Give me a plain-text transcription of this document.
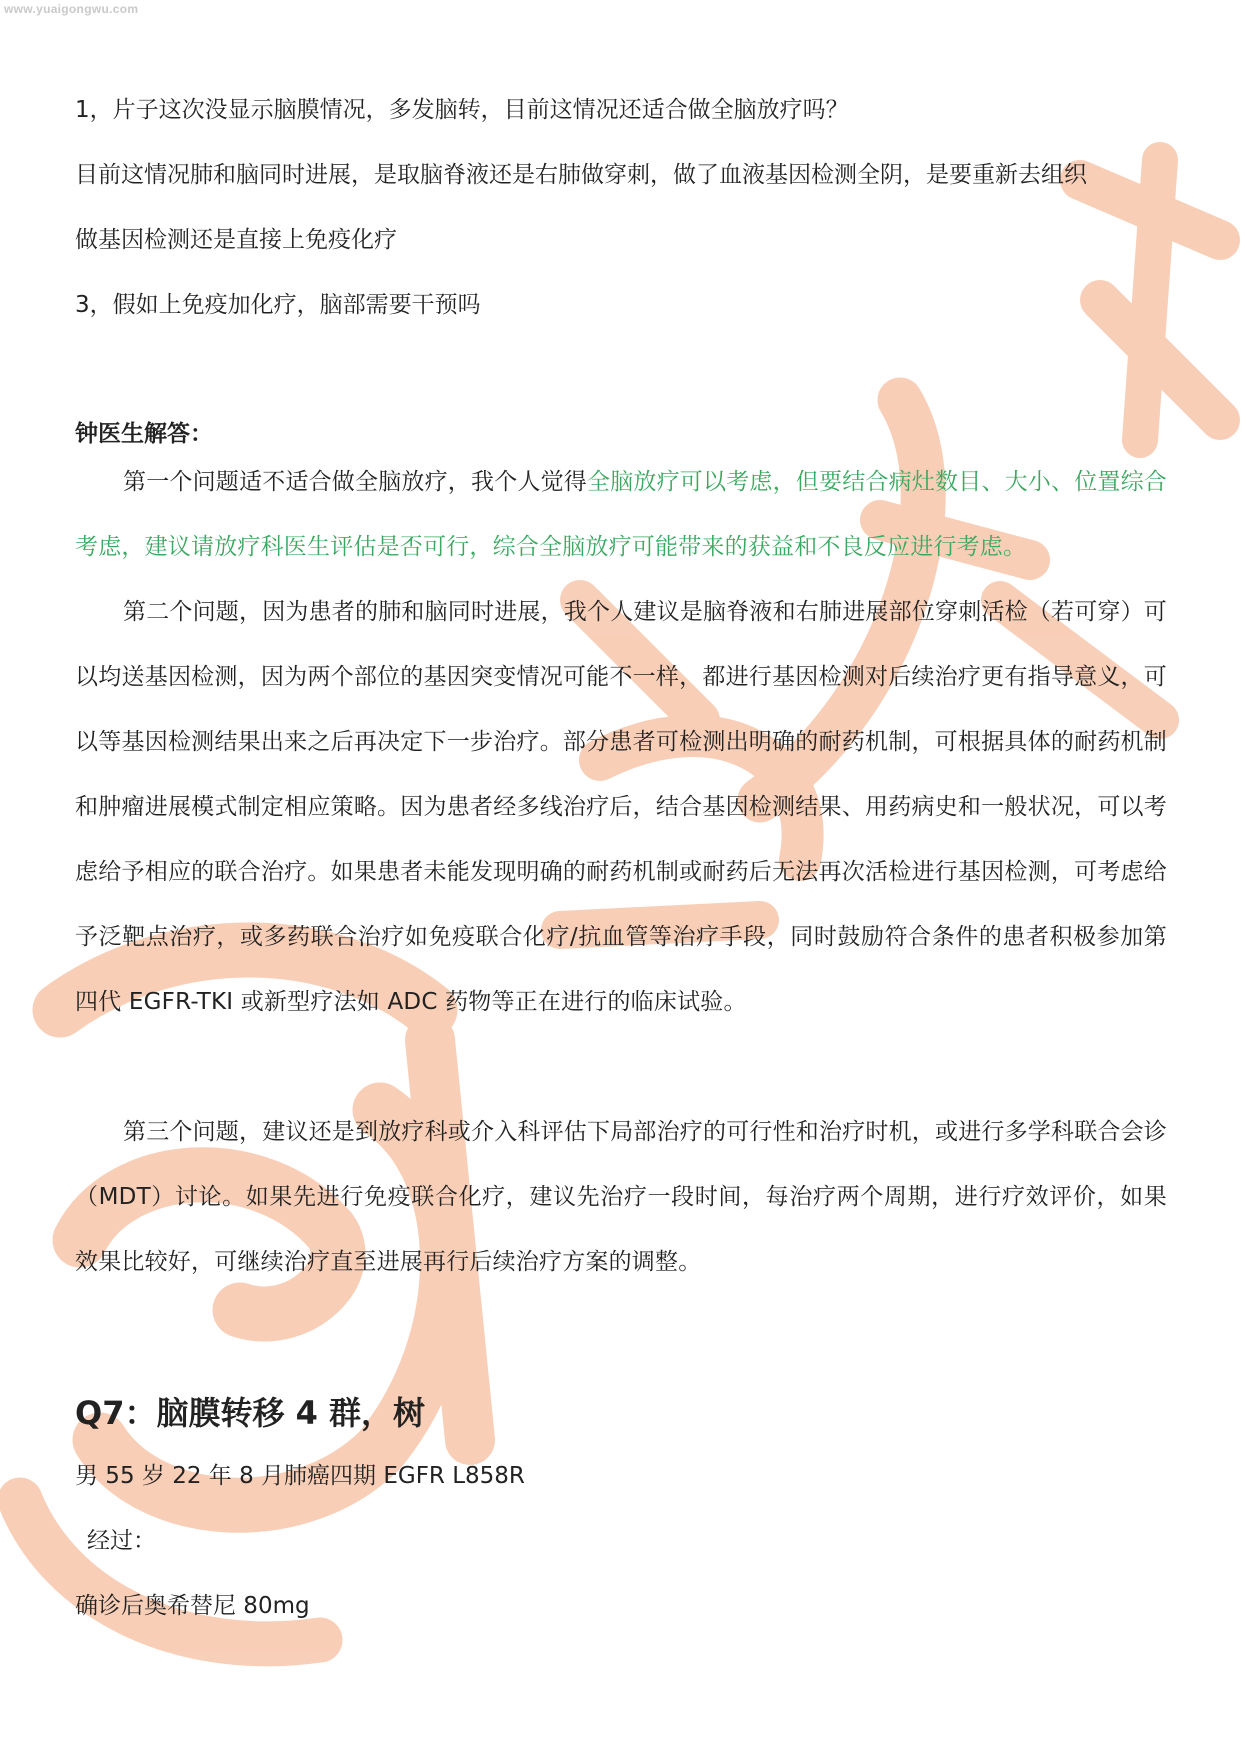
www.yuaigongwu.com
1，片子这次没显示脑膜情况，多发脑转，目前这情况还适合做全脑放疗吗？
目前这情况肺和脑同时进展，是取脑脊液还是右肺做穿刺，做了血液基因检测全阴，是要重新去组织
做基因检测还是直接上免疫化疗
3，假如上免疫加化疗，脑部需要干预吗
钟医生解答：

第一个问题适不适合做全脑放疗，我个人觉得全脑放疗可以考虑，但要结合病灶数目、大小、位置综合考虑，建议请放疗科医生评估是否可行，综合全脑放疗可能带来的获益和不良反应进行考虑。

第二个问题，因为患者的肺和脑同时进展，我个人建议是脑脊液和右肺进展部位穿刺活检（若可穿）可以均送基因检测，因为两个部位的基因突变情况可能不一样，都进行基因检测对后续治疗更有指导意义，可以等基因检测结果出来之后再决定下一步治疗。部分患者可检测出明确的耐药机制，可根据具体的耐药机制和肿瘤进展模式制定相应策略。因为患者经多线治疗后，结合基因检测结果、用药病史和一般状况，可以考虑给予相应的联合治疗。如果患者未能发现明确的耐药机制或耐药后无法再次活检进行基因检测，可考虑给予泛靶点治疗，或多药联合治疗如免疫联合化疗/抗血管等治疗手段，同时鼓励符合条件的患者积极参加第四代 EGFR-TKI 或新型疗法如 ADC 药物等正在进行的临床试验。

第三个问题，建议还是到放疗科或介入科评估下局部治疗的可行性和治疗时机，或进行多学科联合会诊（MDT）讨论。如果先进行免疫联合化疗，建议先治疗一段时间，每治疗两个周期，进行疗效评价，如果效果比较好，可继续治疗直至进展再行后续治疗方案的调整。

Q7：脑膜转移 4 群，树
男 55 岁 22 年 8 月肺癌四期 EGFR L858R
经过：
确诊后奥希替尼 80mg
